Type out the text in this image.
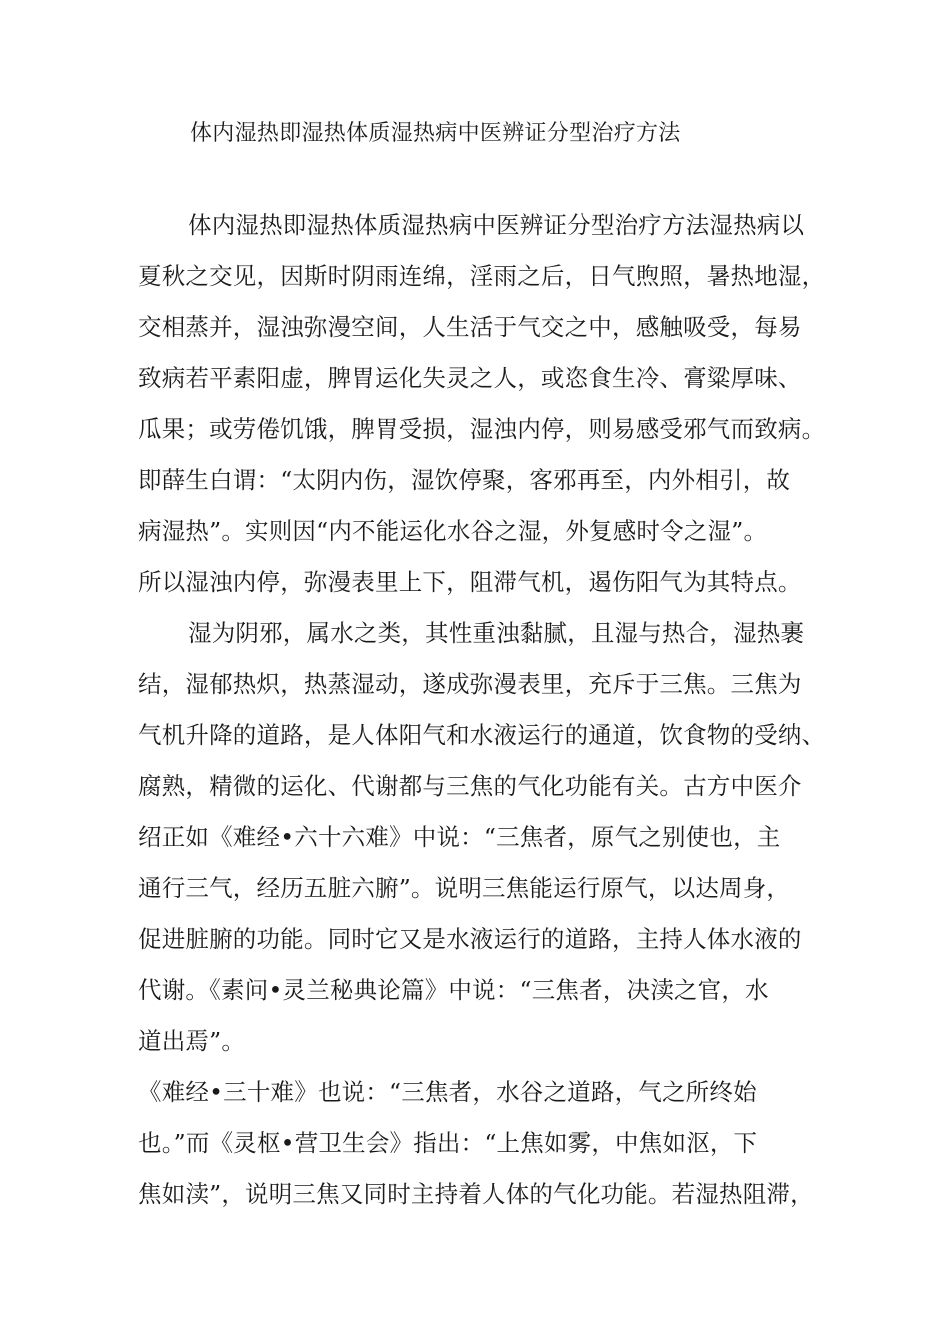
体内湿热即湿热体质湿热病中医辨证分型治疗方法
体内湿热即湿热体质湿热病中医辨证分型治疗方法湿热病以
夏秋之交见，因斯时阴雨连绵，淫雨之后，日气煦照，暑热地湿，
交相蒸并，湿浊弥漫空间，人生活于气交之中，感触吸受，每易
致病若平素阳虚，脾胃运化失灵之人，或恣食生冷、膏粱厚味、
瓜果；或劳倦饥饿，脾胃受损，湿浊内停，则易感受邪气而致病。
即薛生白谓：“太阴内伤，湿饮停聚，客邪再至，内外相引，故
病湿热”。实则因“内不能运化水谷之湿，外复感时令之湿”。
所以湿浊内停，弥漫表里上下，阻滞气机，遏伤阳气为其特点。
湿为阴邪，属水之类，其性重浊黏腻，且湿与热合，湿热裹
结，湿郁热炽，热蒸湿动，遂成弥漫表里，充斥于三焦。三焦为
气机升降的道路，是人体阳气和水液运行的通道，饮食物的受纳、
腐熟，精微的运化、代谢都与三焦的气化功能有关。古方中医介
绍正如《难经•六十六难》中说：“三焦者，原气之别使也，主
通行三气，经历五脏六腑”。说明三焦能运行原气，以达周身，
促进脏腑的功能。同时它又是水液运行的道路，主持人体水液的
代谢。《素问•灵兰秘典论篇》中说：“三焦者，决渎之官，水
道出焉”。
《难经•三十难》也说：“三焦者，水谷之道路，气之所终始
也。”而《灵枢•营卫生会》指出：“上焦如雾，中焦如沤，下
焦如渎”，说明三焦又同时主持着人体的气化功能。若湿热阻滞，
